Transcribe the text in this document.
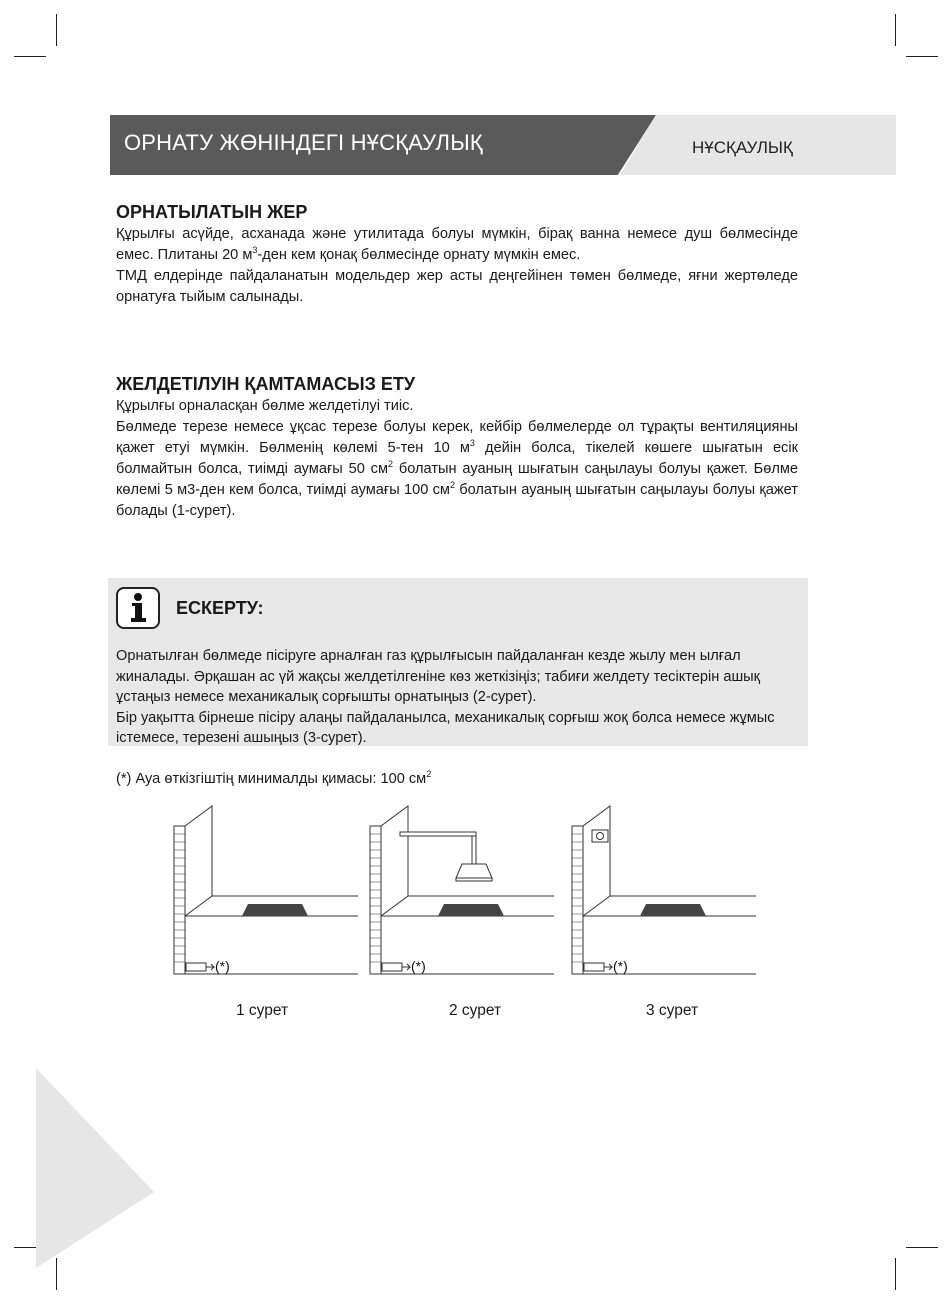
ОРНАТУ ЖӨНІНДЕГІ НҰСҚАУЛЫҚ	НҰСҚАУЛЫҚ
ОРНАТЫЛАТЫН ЖЕР

Құрылғы асүйде, асханада және утилитада болуы мүмкін, бірақ ванна немесе душ бөлмесінде емес. Плитаны 20 $м^3$-ден кем қонақ бөлмесінде орнату мүмкін емес.

ТМД елдерінде пайдаланатын модельдер жер асты деңгейінен төмен бөлмеде, яғни жертөледе орнатуға тыйым салынады.

ЖЕЛДЕТІЛУІН ҚАМТАМАСЫЗ ЕТУ

Құрылғы орналасқан бөлме желдетілуі тиіс.

Бөлмеде терезе немесе ұқсас терезе болуы керек, кейбір бөлмелерде ол тұрақты вентиляцияны қажет етуі мүмкін. Бөлменің көлемі 5-тен 10 $м^3$ дейін болса, тікелей көшеге шығатын есік болмайтын болса, тиімді аумағы 50 $см^2$ болатын ауаның шығатын саңылауы болуы қажет. Бөлме көлемі 5 м3-ден кем болса, тиімді аумағы 100 $см^2$ болатын ауаның шығатын саңылауы болуы қажет болады (1-сурет).

ЕСКЕРТУ:

Орнатылған бөлмеде пісіруге арналған газ құрылғысын пайдаланған кезде жылу мен ылғал жиналады. Әрқашан ас үй жақсы желдетілгеніне көз жеткізіңіз; табиғи желдету тесіктерін ашық ұстаңыз немесе механикалық сорғышты орнатыңыз (2-сурет).

Бір уақытта бірнеше пісіру алаңы пайдаланылса, механикалық сорғыш жоқ болса немесе жұмыс істемесе, терезені ашыңыз (3-сурет).

(*) Ауа өткізгіштің минималды қимасы: 100 $см^2$
(*)	(*)	(*)
1 сурет	2 сурет	3 сурет
